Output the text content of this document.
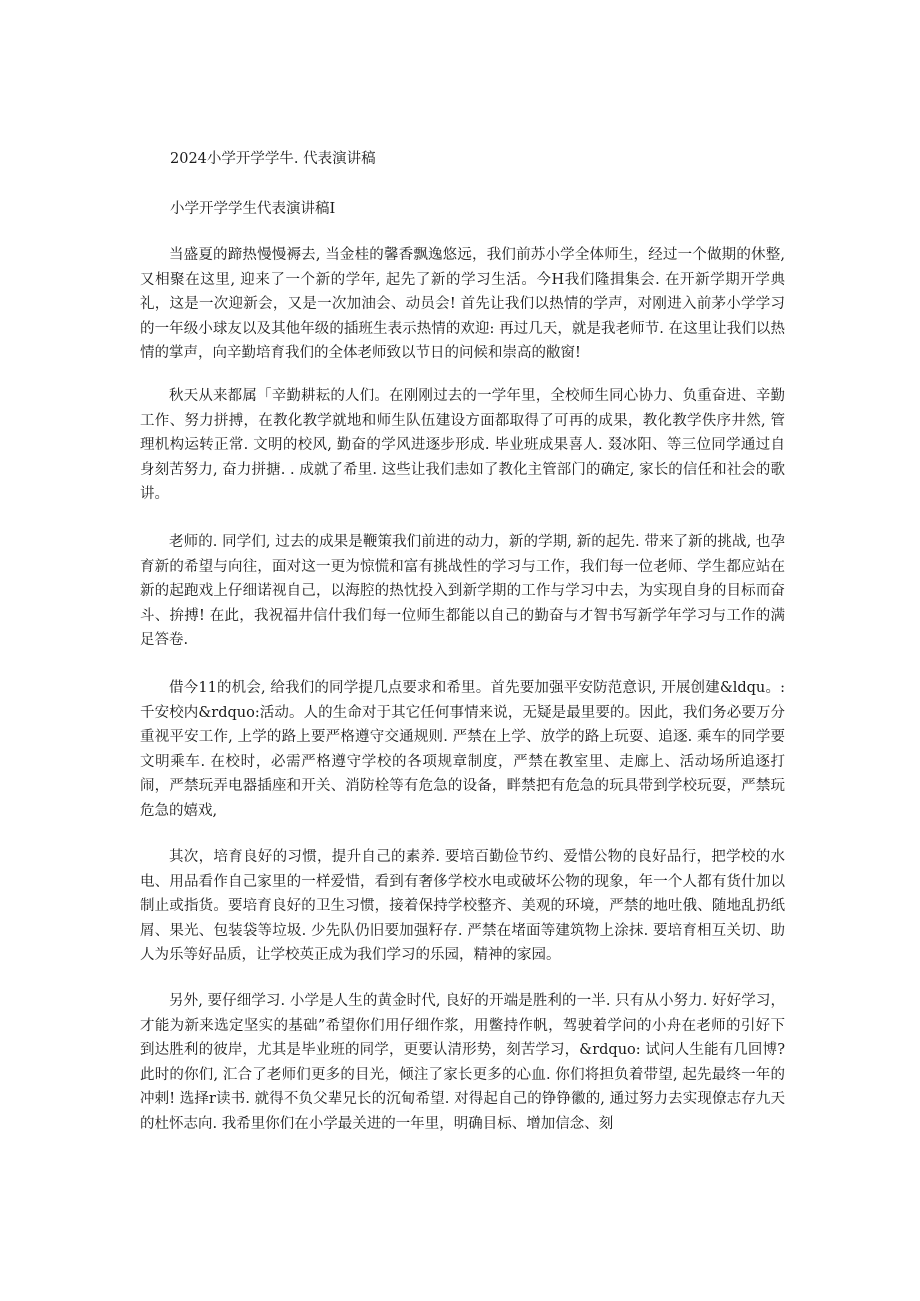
2024小学开学学牛. 代表演讲稿
小学开学学生代表演讲稿I

当盛夏的蹄热慢慢褥去, 当金桂的馨香飘逸悠远，我们前苏小学全体师生，经过一个做期的休整, 又相聚在这里, 迎来了一个新的学年, 起先了新的学习生活。今H我们隆揖集会. 在开新学期开学典礼，这是一次迎新会，又是一次加油会、动员会! 首先让我们以热情的学声，对刚进入前茅小学学习的一年级小球友以及其他年级的插班生表示热情的欢迎: 再过几天，就是我老师节. 在这里让我们以热情的掌声，向辛勤培育我们的全体老师致以节日的问候和崇高的敝窗!

秋天从来都属「辛勤耕耘的人们。在刚刚过去的一学年里，全校师生同心协力、负重奋进、辛勤工作、努力拼搏，在教化教学就地和师生队伍建设方面都取得了可再的成果，教化教学佚序井然, 管理机构运转正常. 文明的校风, 勤奋的学风进逐步形成. 毕业班成果喜人. 叕冰阳、等三位同学通过自身刻苦努力, 奋力拼搪. . 成就了希里. 这些让我们恚如了教化主管部门的确定, 家长的信任和社会的歌讲。

老师的. 同学们, 过去的成果是鞭策我们前进的动力，新的学期, 新的起先. 带来了新的挑战, 也孕育新的希望与向往，面对这一更为惊慌和富有挑战性的学习与工作，我们每一位老师、学生都应站在新的起跑戏上仔细诺视自己，以海腔的热忱投入到新学期的工作与学习中去，为实现自身的目标而奋斗、拚搏! 在此，我祝福井信什我们每一位师生都能以自己的勤奋与才智书写新学年学习与工作的满足答卷.

借今11的机会, 给我们的同学提几点要求和希里。首先要加强平安防范意识, 开展创建&ldqu。: 千安校内&rdquo:活动。人的生命对于其它任何事情来说，无疑是最里要的。因此，我们务必要万分重视平安工作, 上学的路上要严格遵守交通规则. 严禁在上学、放学的路上玩耍、追逐. 乘车的同学要文明乘车. 在校时，必需严格遵守学校的各项规章制度，严禁在教室里、走廊上、活动场所追逐打闹，严禁玩弄电器插座和开关、消防栓等有危急的设备，畔禁把有危急的玩具带到学校玩耍，严禁玩危急的嬉戏,

其次，培育良好的习惯，提升自己的素养. 要培百勤俭节约、爱惜公物的良好品行，把学校的水电、用品看作自己家里的一样爱惜，看到有奢侈学校水电或破坏公物的现象，年一个人都有货什加以制止或指货。要培育良好的卫生习惯，接着保持学校整齐、美观的环境，严禁的地吐俄、随地乱扔纸屑、果光、包装袋等垃圾. 少先队仍旧要加强籽存. 严禁在堵面等建筑物上涂抹. 要培育相互关切、助人为乐等好品质，让学校英正成为我们学习的乐园，精神的家园。

另外, 要仔细学习. 小学是人生的黄金时代, 良好的开端是胜利的一半. 只有从小努力. 好好学习，才能为新来选定坚实的基础”希望你们用仔细作浆，用鳖持作帆，驾驶着学问的小舟在老师的引好下到达胜利的彼岸，尤其是毕业班的同学，更要认清形势，刻苦学习，&rdquo: 试问人生能有几回博? 此时的你们, 汇合了老师们更多的目光，倾注了家长更多的心血. 你们将担负着带望, 起先最终一年的冲剌! 选择r读书. 就得不负父辈兄长的沉甸希望. 对得起自己的铮铮徽的, 通过努力去实现僚志存九天的杜怀志向. 我希里你们在小学最关进的一年里，明确目标、增加信念、刻
